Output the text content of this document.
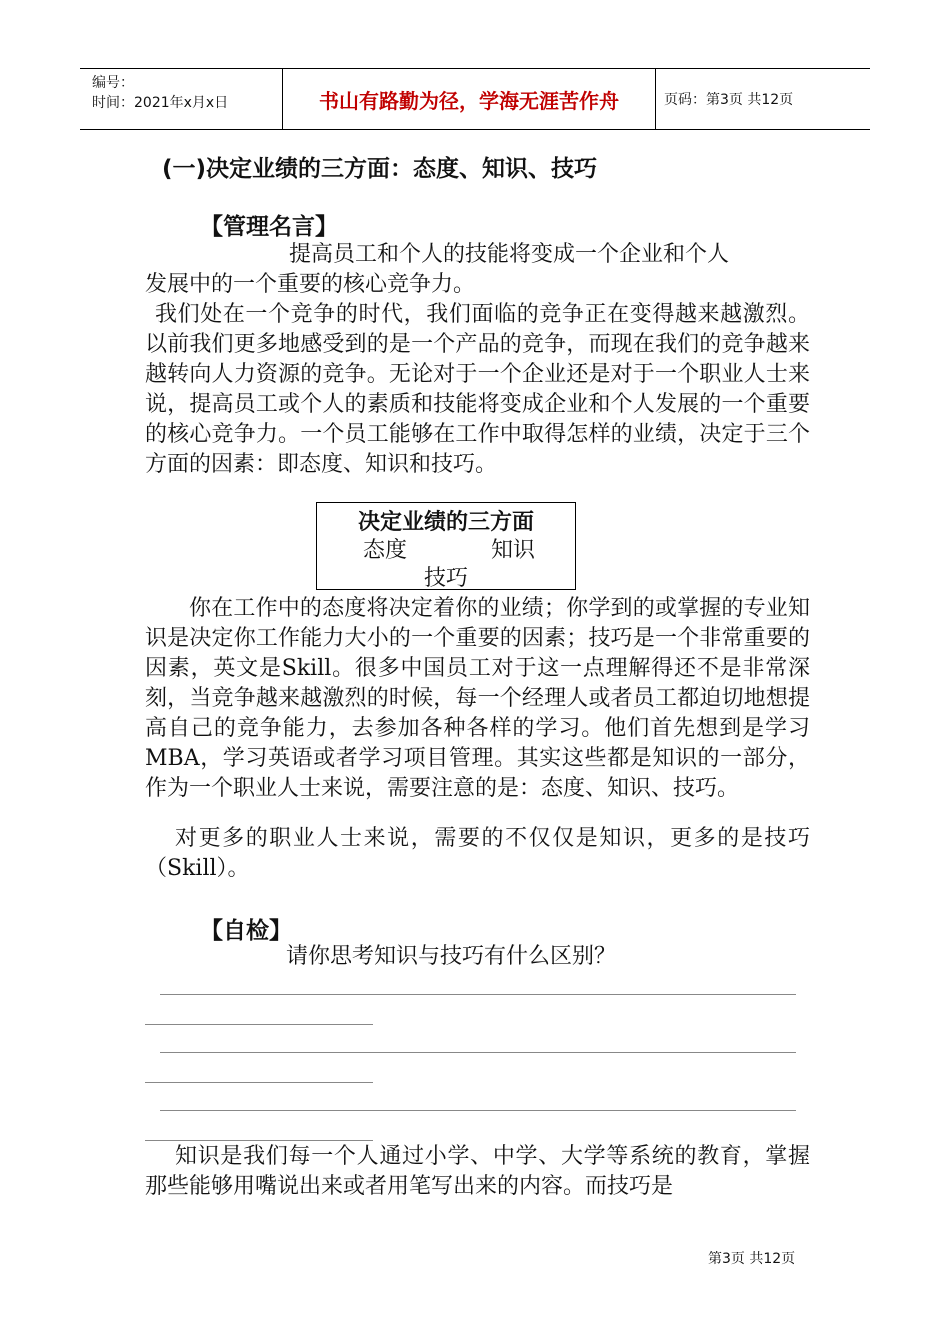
编号：
时间：2021年x月x日	书山有路勤为径，学海无涯苦作舟	页码：第3页 共12页
(一)决定业绩的三方面：态度、知识、技巧
【管理名言】
提高员工和个人的技能将变成一个企业和个人
发展中的一个重要的核心竞争力。
我们处在一个竞争的时代，我们面临的竞争正在变得越来越激烈。以前我们更多地感受到的是一个产品的竞争，而现在我们的竞争越来越转向人力资源的竞争。无论对于一个企业还是对于一个职业人士来说，提高员工或个人的素质和技能将变成企业和个人发展的一个重要的核心竞争力。一个员工能够在工作中取得怎样的业绩，决定于三个方面的因素：即态度、知识和技巧。
决定业绩的三方面
态度	知识
技巧
你在工作中的态度将决定着你的业绩；你学到的或掌握的专业知识是决定你工作能力大小的一个重要的因素；技巧是一个非常重要的因素，英文是Skill。很多中国员工对于这一点理解得还不是非常深刻，当竞争越来越激烈的时候，每一个经理人或者员工都迫切地想提高自己的竞争能力，去参加各种各样的学习。他们首先想到是学习MBA，学习英语或者学习项目管理。其实这些都是知识的一部分，作为一个职业人士来说，需要注意的是：态度、知识、技巧。
对更多的职业人士来说，需要的不仅仅是知识，更多的是技巧（Skill）。
【自检】
请你思考知识与技巧有什么区别？
知识是我们每一个人通过小学、中学、大学等系统的教育，掌握那些能够用嘴说出来或者用笔写出来的内容。而技巧是
第3页 共12页
